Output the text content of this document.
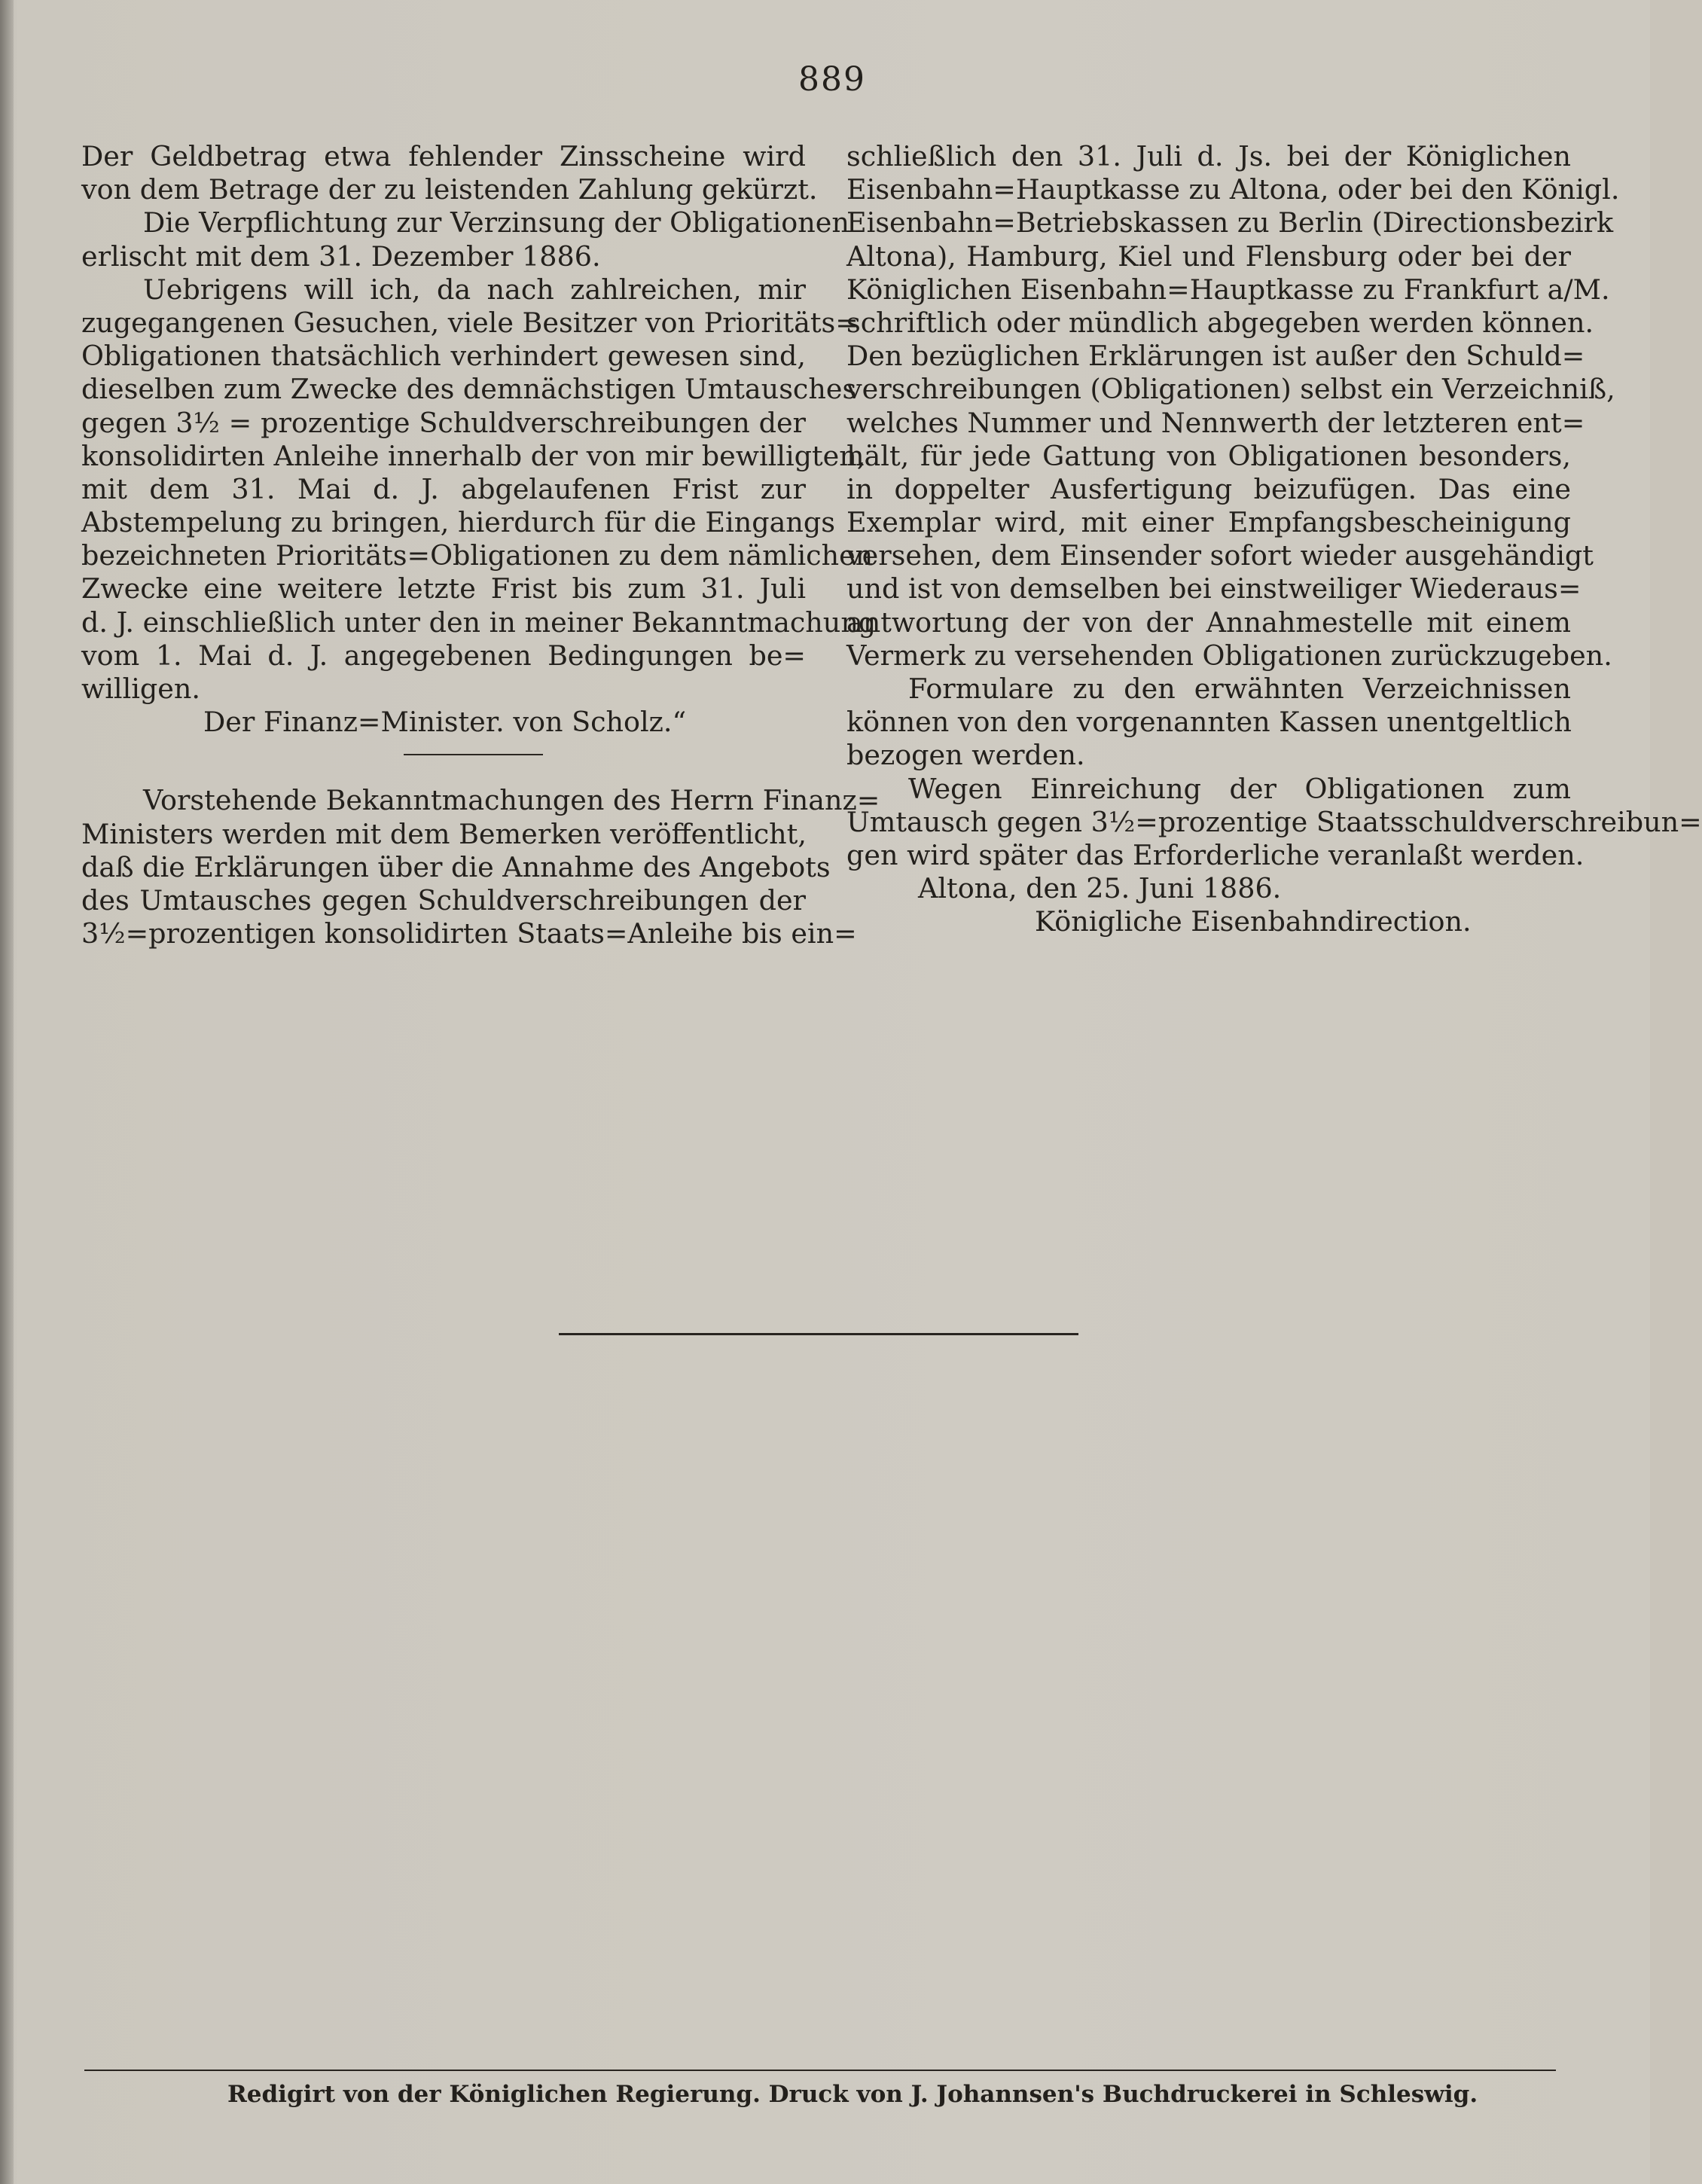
889
Der Geldbetrag etwa fehlender Zinsscheine wird
von dem Betrage der zu leistenden Zahlung gekürzt.
Die Verpflichtung zur Verzinsung der Obligationen
erlischt mit dem 31. Dezember 1886.
Uebrigens will ich, da nach zahlreichen, mir
zugegangenen Gesuchen, viele Besitzer von Prioritäts=
Obligationen thatsächlich verhindert gewesen sind,
dieselben zum Zwecke des demnächstigen Umtausches
gegen 3½ = prozentige Schuldverschreibungen der
konsolidirten Anleihe innerhalb der von mir bewilligten,
mit dem 31. Mai d. J. abgelaufenen Frist zur
Abstempelung zu bringen, hierdurch für die Eingangs
bezeichneten Prioritäts=Obligationen zu dem nämlichen
Zwecke eine weitere letzte Frist bis zum 31. Juli
d. J. einschließlich unter den in meiner Bekanntmachung
vom 1. Mai d. J. angegebenen Bedingungen be=
willigen.
Der Finanz=Minister. von Scholz.“
Vorstehende Bekanntmachungen des Herrn Finanz=
Ministers werden mit dem Bemerken veröffentlicht,
daß die Erklärungen über die Annahme des Angebots
des Umtausches gegen Schuldverschreibungen der
3½=prozentigen konsolidirten Staats=Anleihe bis ein=
schließlich den 31. Juli d. Js. bei der Königlichen
Eisenbahn=Hauptkasse zu Altona, oder bei den Königl.
Eisenbahn=Betriebskassen zu Berlin (Directionsbezirk
Altona), Hamburg, Kiel und Flensburg oder bei der
Königlichen Eisenbahn=Hauptkasse zu Frankfurt a/M.
schriftlich oder mündlich abgegeben werden können.
Den bezüglichen Erklärungen ist außer den Schuld=
verschreibungen (Obligationen) selbst ein Verzeichniß,
welches Nummer und Nennwerth der letzteren ent=
hält, für jede Gattung von Obligationen besonders,
in doppelter Ausfertigung beizufügen. Das eine
Exemplar wird, mit einer Empfangsbescheinigung
versehen, dem Einsender sofort wieder ausgehändigt
und ist von demselben bei einstweiliger Wiederaus=
antwortung der von der Annahmestelle mit einem
Vermerk zu versehenden Obligationen zurückzugeben.
Formulare zu den erwähnten Verzeichnissen
können von den vorgenannten Kassen unentgeltlich
bezogen werden.
Wegen Einreichung der Obligationen zum
Umtausch gegen 3½=prozentige Staatsschuldverschreibun=
gen wird später das Erforderliche veranlaßt werden.
Altona, den 25. Juni 1886.
Königliche Eisenbahndirection.
Redigirt von der Königlichen Regierung. Druck von J. Johannsen's Buchdruckerei in Schleswig.
